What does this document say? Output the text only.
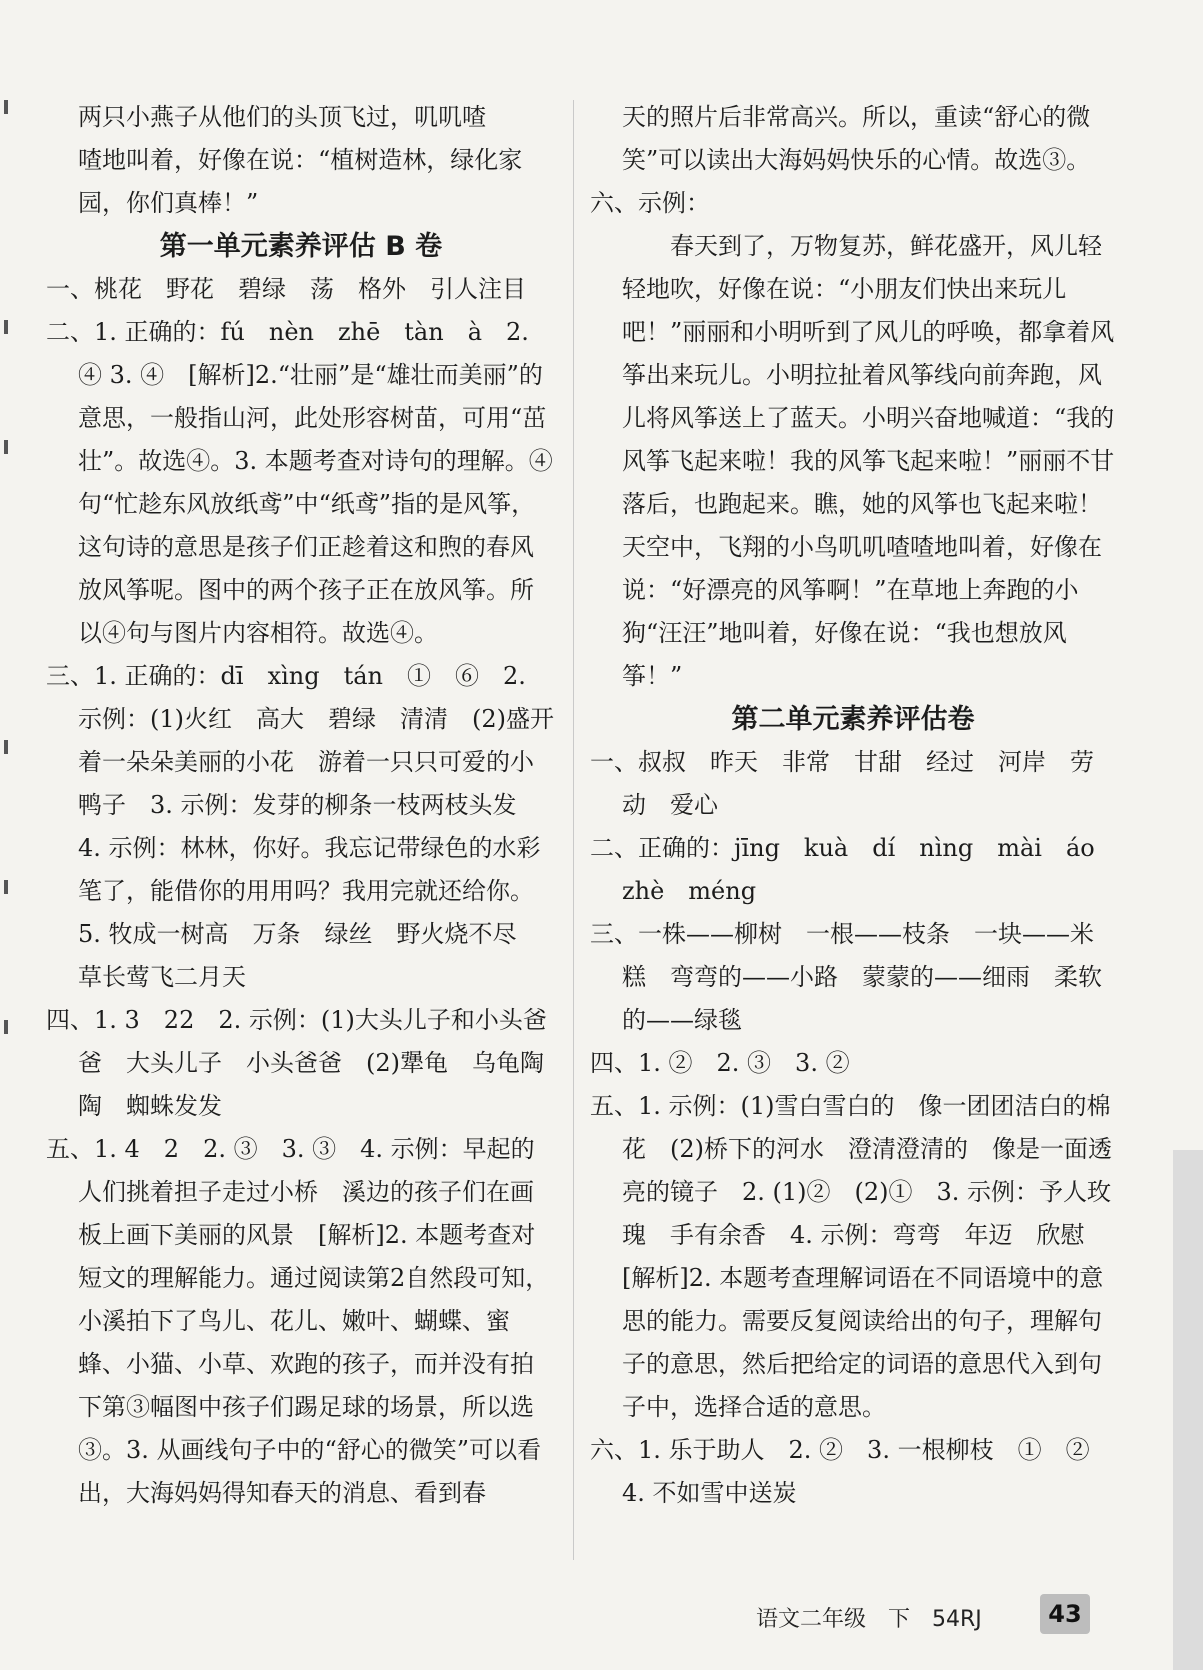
两只小燕子从他们的头顶飞过，叽叽喳

喳地叫着，好像在说：“植树造林，绿化家

园，你们真棒！”

第一单元素养评估 B 卷

一、桃花　野花　碧绿　荡　格外　引人注目

二、1. 正确的：fú　nèn　zhē　tàn　à　2. ④ 3. ④　[解析]2.“壮丽”是“雄壮而美丽”的意思，一般指山河，此处形容树苗，可用“茁壮”。故选④。3. 本题考查对诗句的理解。④句“忙趁东风放纸鸢”中“纸鸢”指的是风筝，这句诗的意思是孩子们正趁着这和煦的春风放风筝呢。图中的两个孩子正在放风筝。所以④句与图片内容相符。故选④。

三、1. 正确的：dī　xìng　tán　①　⑥　2. 示例：(1)火红　高大　碧绿　清清　(2)盛开着一朵朵美丽的小花　游着一只只可爱的小鸭子　3. 示例：发芽的柳条一枝两枝头发　4. 示例：林林，你好。我忘记带绿色的水彩笔了，能借你的用用吗？我用完就还给你。　5. 牧成一树高　万条　绿丝　野火烧不尽　草长莺飞二月天

四、1. 3　22　2. 示例：(1)大头儿子和小头爸爸　大头儿子　小头爸爸　(2)犟龟　乌龟陶陶　蜘蛛发发

五、1. 4　2　2. ③　3. ③　4. 示例：早起的人们挑着担子走过小桥　溪边的孩子们在画板上画下美丽的风景　[解析]2. 本题考查对短文的理解能力。通过阅读第2自然段可知，小溪拍下了鸟儿、花儿、嫩叶、蝴蝶、蜜蜂、小猫、小草、欢跑的孩子，而并没有拍下第③幅图中孩子们踢足球的场景，所以选③。3. 从画线句子中的“舒心的微笑”可以看出，大海妈妈得知春天的消息、看到春

天的照片后非常高兴。所以，重读“舒心的微笑”可以读出大海妈妈快乐的心情。故选③。

六、示例：

　　春天到了，万物复苏，鲜花盛开，风儿轻轻地吹，好像在说：“小朋友们快出来玩儿吧！”丽丽和小明听到了风儿的呼唤，都拿着风筝出来玩儿。小明拉扯着风筝线向前奔跑，风儿将风筝送上了蓝天。小明兴奋地喊道：“我的风筝飞起来啦！我的风筝飞起来啦！”丽丽不甘落后，也跑起来。瞧，她的风筝也飞起来啦！天空中，飞翔的小鸟叽叽喳喳地叫着，好像在说：“好漂亮的风筝啊！”在草地上奔跑的小狗“汪汪”地叫着，好像在说：“我也想放风筝！”

第二单元素养评估卷

一、叔叔　昨天　非常　甘甜　经过　河岸　劳动　爱心

二、正确的：jīng　kuà　dí　nìng　mài　áo　zhè　méng

三、一株——柳树　一根——枝条　一块——米糕　弯弯的——小路　蒙蒙的——细雨　柔软的——绿毯

四、1. ②　2. ③　3. ②

五、1. 示例：(1)雪白雪白的　像一团团洁白的棉花　(2)桥下的河水　澄清澄清的　像是一面透亮的镜子　2. (1)②　(2)①　3. 示例：予人玫瑰　手有余香　4. 示例：弯弯　年迈　欣慰　[解析]2. 本题考查理解词语在不同语境中的意思的能力。需要反复阅读给出的句子，理解句子的意思，然后把给定的词语的意思代入到句子中，选择合适的意思。

六、1. 乐于助人　2. ②　3. 一根柳枝　①　②　4. 不如雪中送炭

语文二年级　下　54RJ	43
